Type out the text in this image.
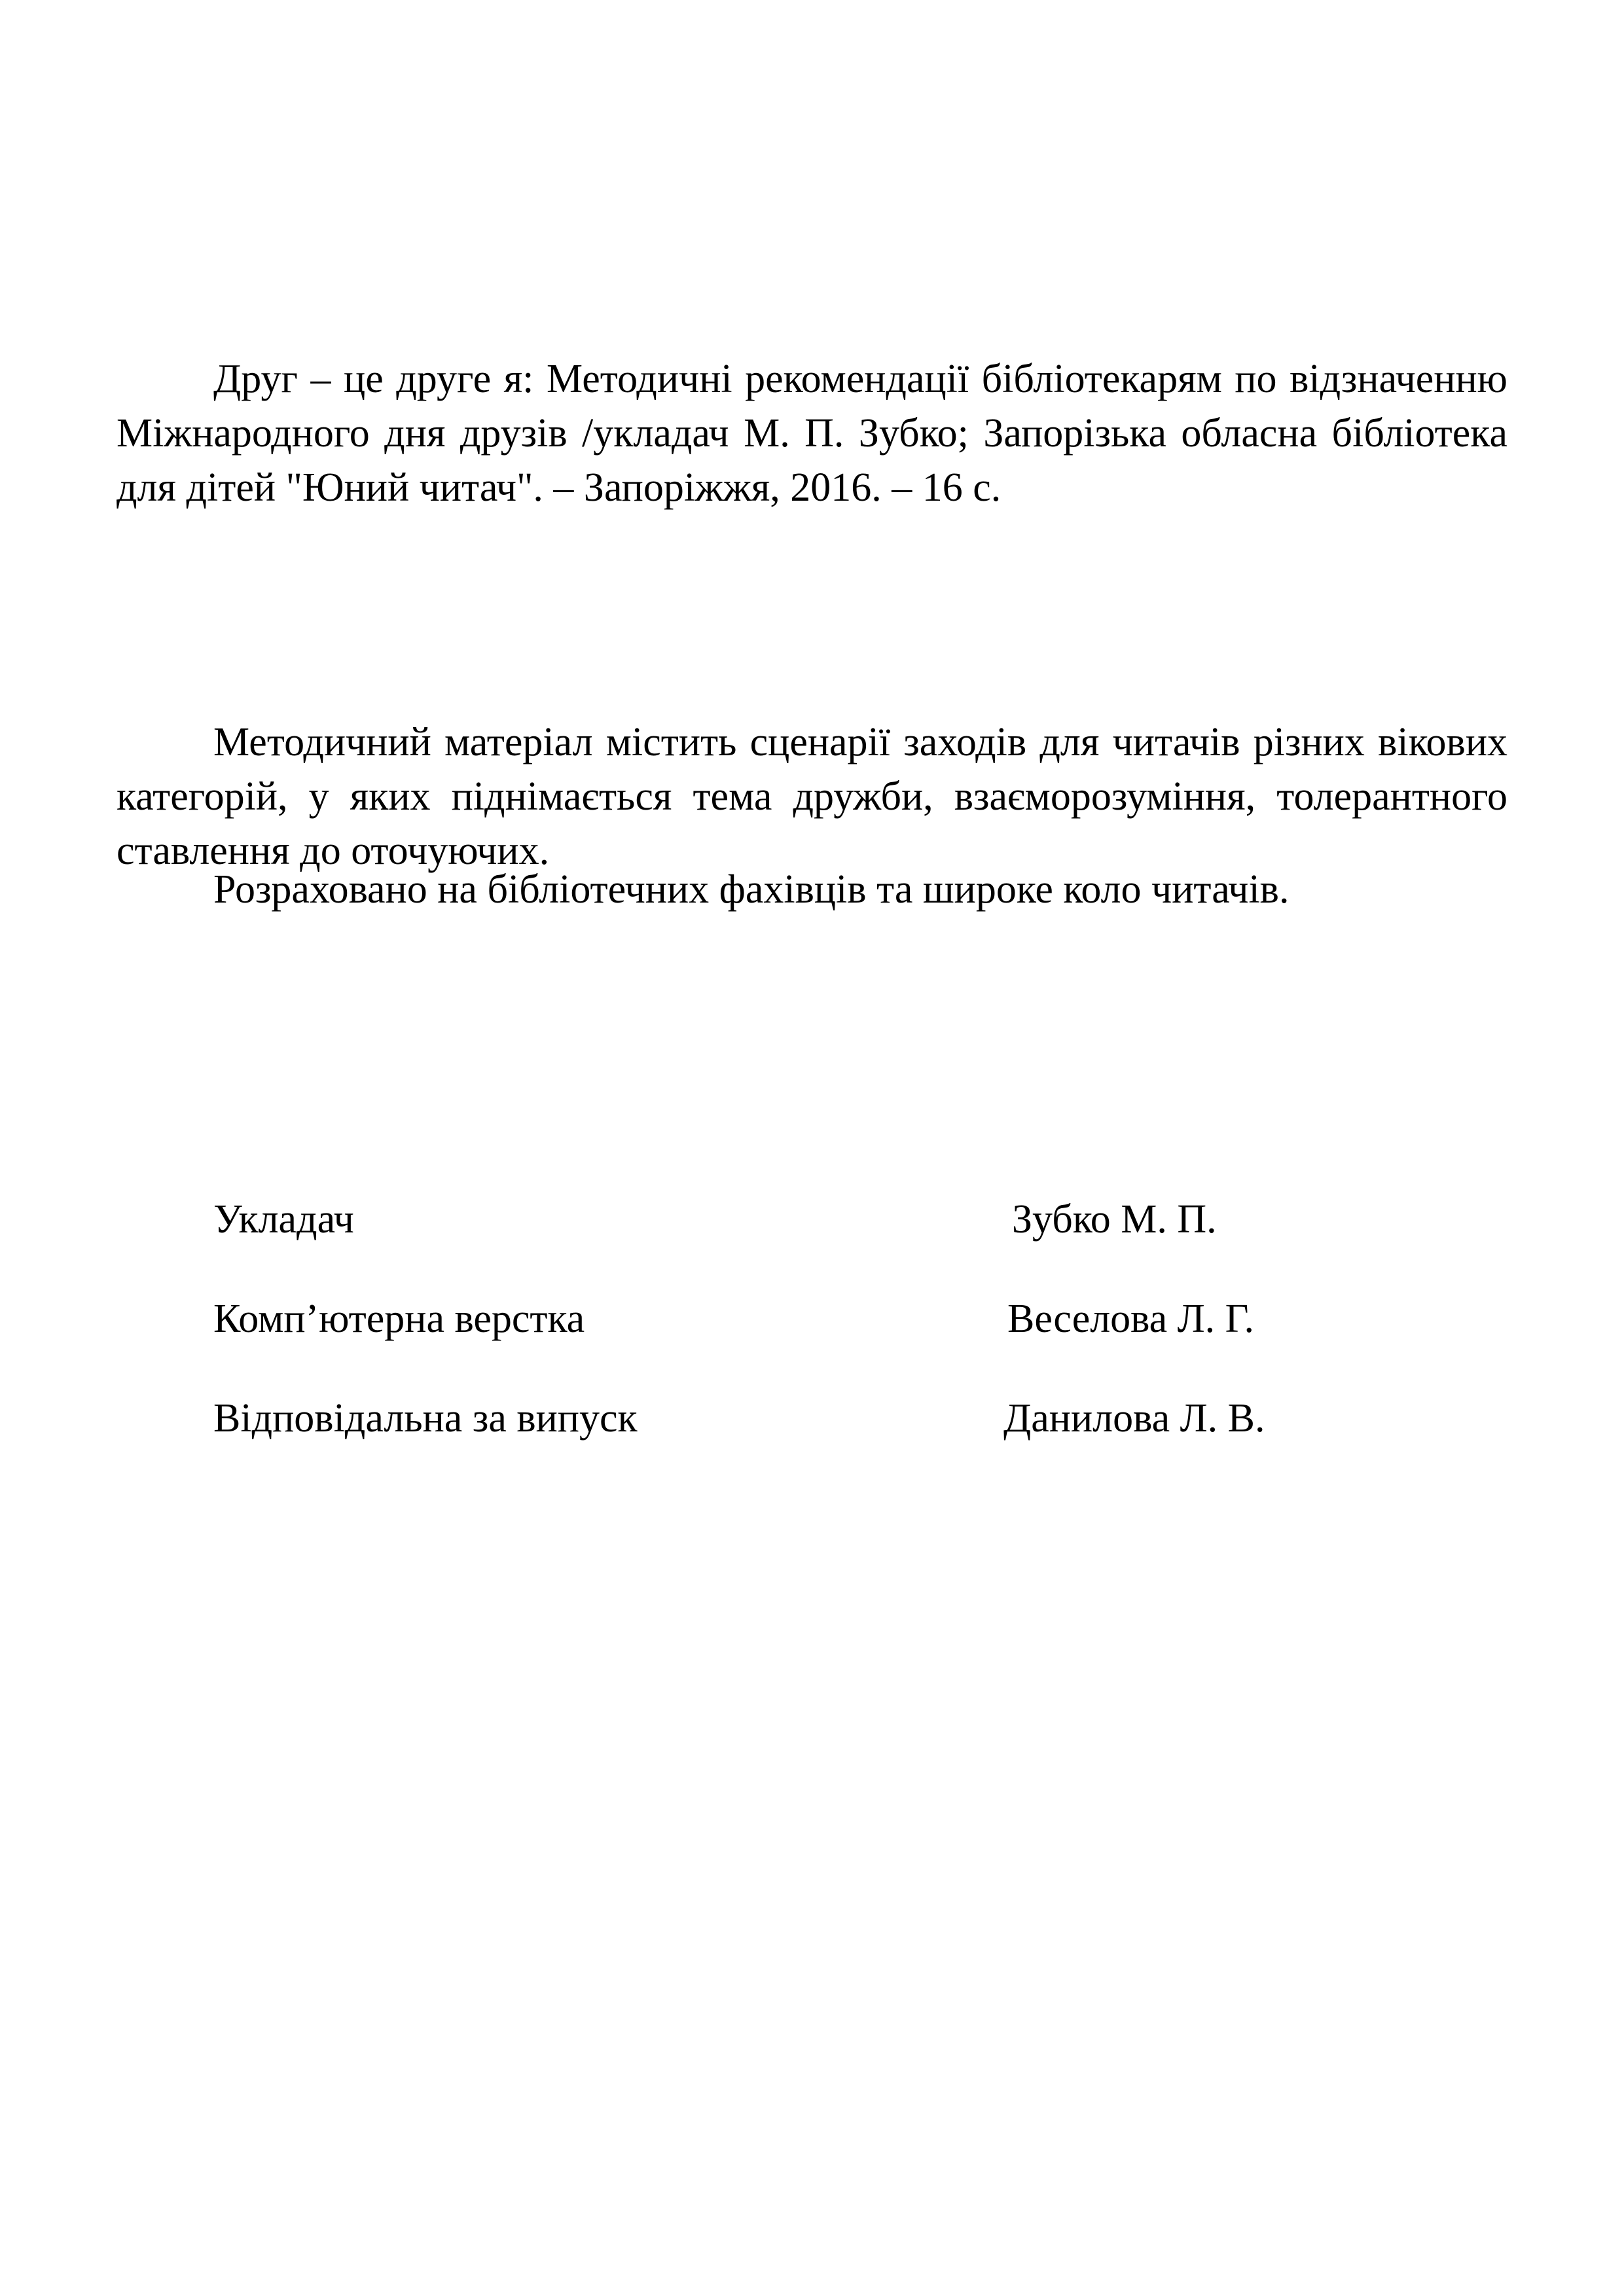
Друг – це друге я: Методичні рекомендації бібліотекарям по відзначенню Міжнародного дня друзів /укладач М. П. Зубко; Запорізька обласна бібліотека для дітей "Юний читач". – Запоріжжя, 2016. – 16 с.

Методичний матеріал містить сценарії заходів для читачів різних вікових категорій, у яких піднімається тема дружби, взаєморозуміння, толерантного ставлення до оточуючих.

Розраховано на бібліотечних фахівців та широке коло читачів.

Укладач	Зубко М. П.
Комп’ютерна верстка	Веселова Л. Г.
Відповідальна за випуск	Данилова Л. В.
